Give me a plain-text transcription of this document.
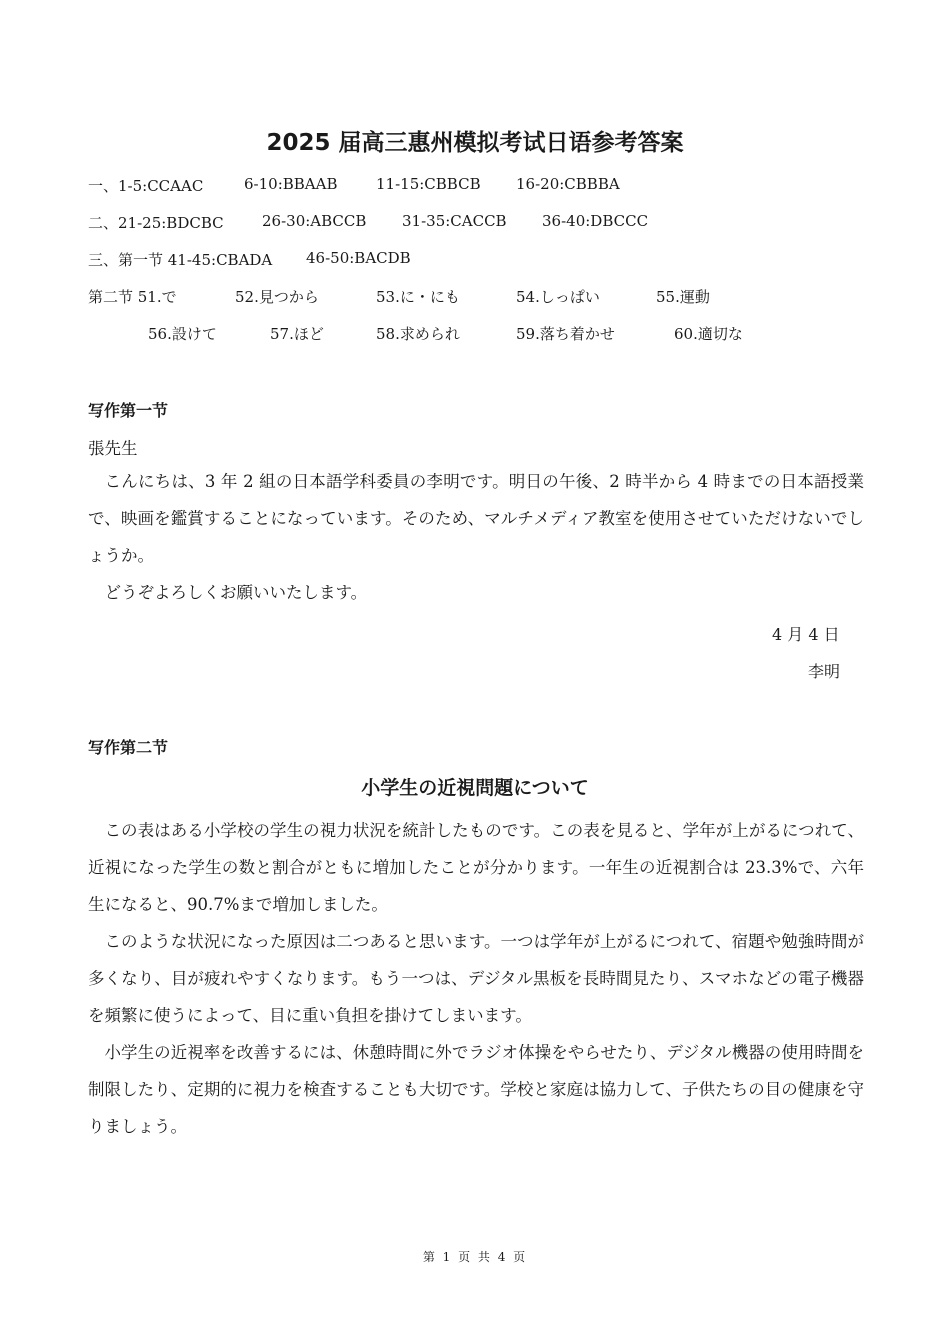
2025 届高三惠州模拟考试日语参考答案
一、1-5:CCAAC	6-10:BBAAB	11-15:CBBCB 16-20:CBBBA
二、21-25:BDCBC	26-30:ABCCB 31-35:CACCB 36-40:DBCCC
三、第一节 41-45:CBADA 46-50:BACDB
第二节 51.で	52.見つから	53.に・にも	54.しっぱい	55.運動
56.設けて	57.ほど	58.求められ	59.落ち着かせ	60.適切な
写作第一节
張先生

こんにちは、3 年 2 組の日本語学科委員の李明です。明日の午後、2 時半から 4 時までの日本語授業で、映画を鑑賞することになっています。そのため、マルチメディア教室を使用させていただけないでしょうか。

どうぞよろしくお願いいたします。

4 月 4 日
李明
写作第二节
小学生の近視問題について

この表はある小学校の学生の視力状況を統計したものです。この表を見ると、学年が上がるにつれて、近視になった学生の数と割合がともに増加したことが分かります。一年生の近視割合は 23.3%で、六年生になると、90.7%まで増加しました。

このような状況になった原因は二つあると思います。一つは学年が上がるにつれて、宿題や勉強時間が多くなり、目が疲れやすくなります。もう一つは、デジタル黒板を長時間見たり、スマホなどの電子機器を頻繁に使うによって、目に重い負担を掛けてしまいます。

小学生の近視率を改善するには、休憩時間に外でラジオ体操をやらせたり、デジタル機器の使用時間を制限したり、定期的に視力を検査することも大切です。学校と家庭は協力して、子供たちの目の健康を守りましょう。

第 1 页 共 4 页
